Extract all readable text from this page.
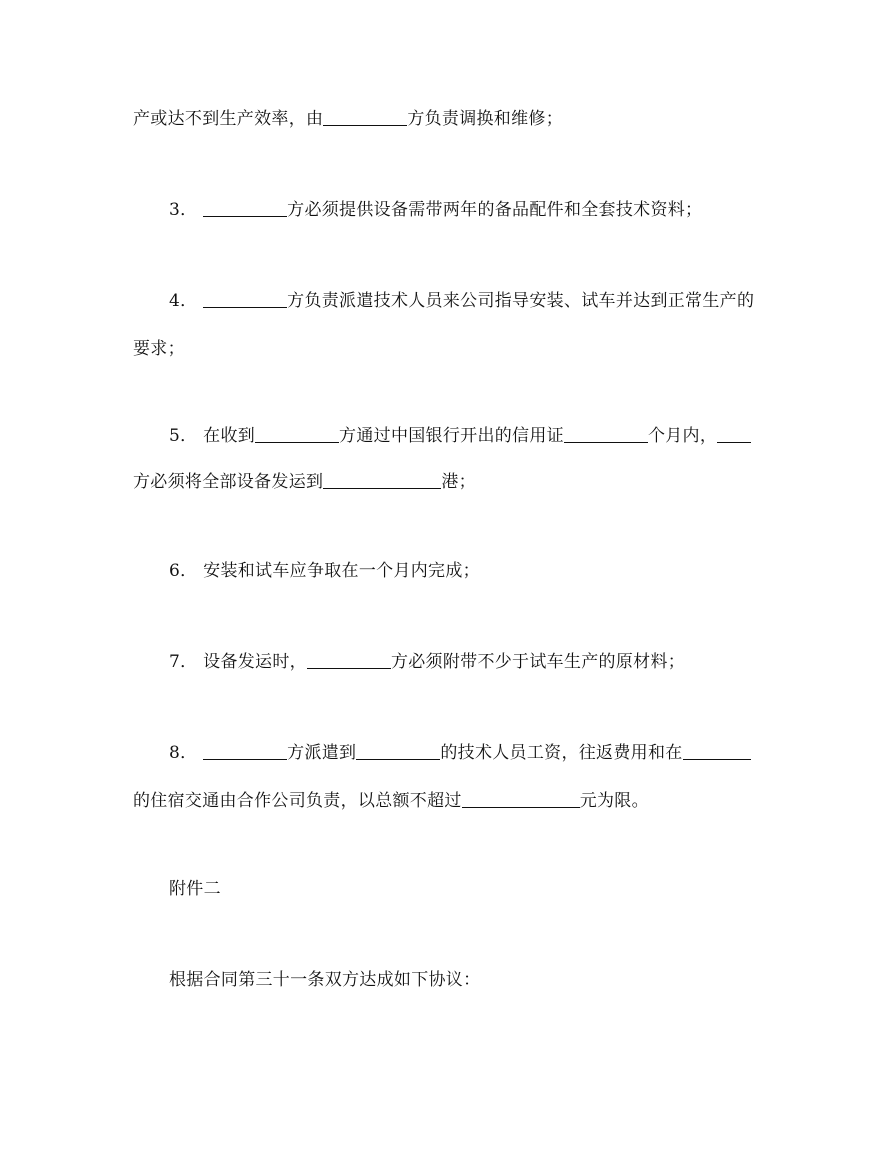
产或达不到生产效率，由	方负责调换和维修；
3．	方必须提供设备需带两年的备品配件和全套技术资料；
4．	方负责派遣技术人员来公司指导安装、试车并达到正常生产的
要求；
5． 在收到	方通过中国银行开出的信用证	个月内，
方必须将全部设备发运到	港；
6． 安装和试车应争取在一个月内完成；
7． 设备发运时，	方必须附带不少于试车生产的原材料；
8．	方派遣到	的技术人员工资，往返费用和在
的住宿交通由合作公司负责，以总额不超过	元为限。
附件二
根据合同第三十一条双方达成如下协议：
